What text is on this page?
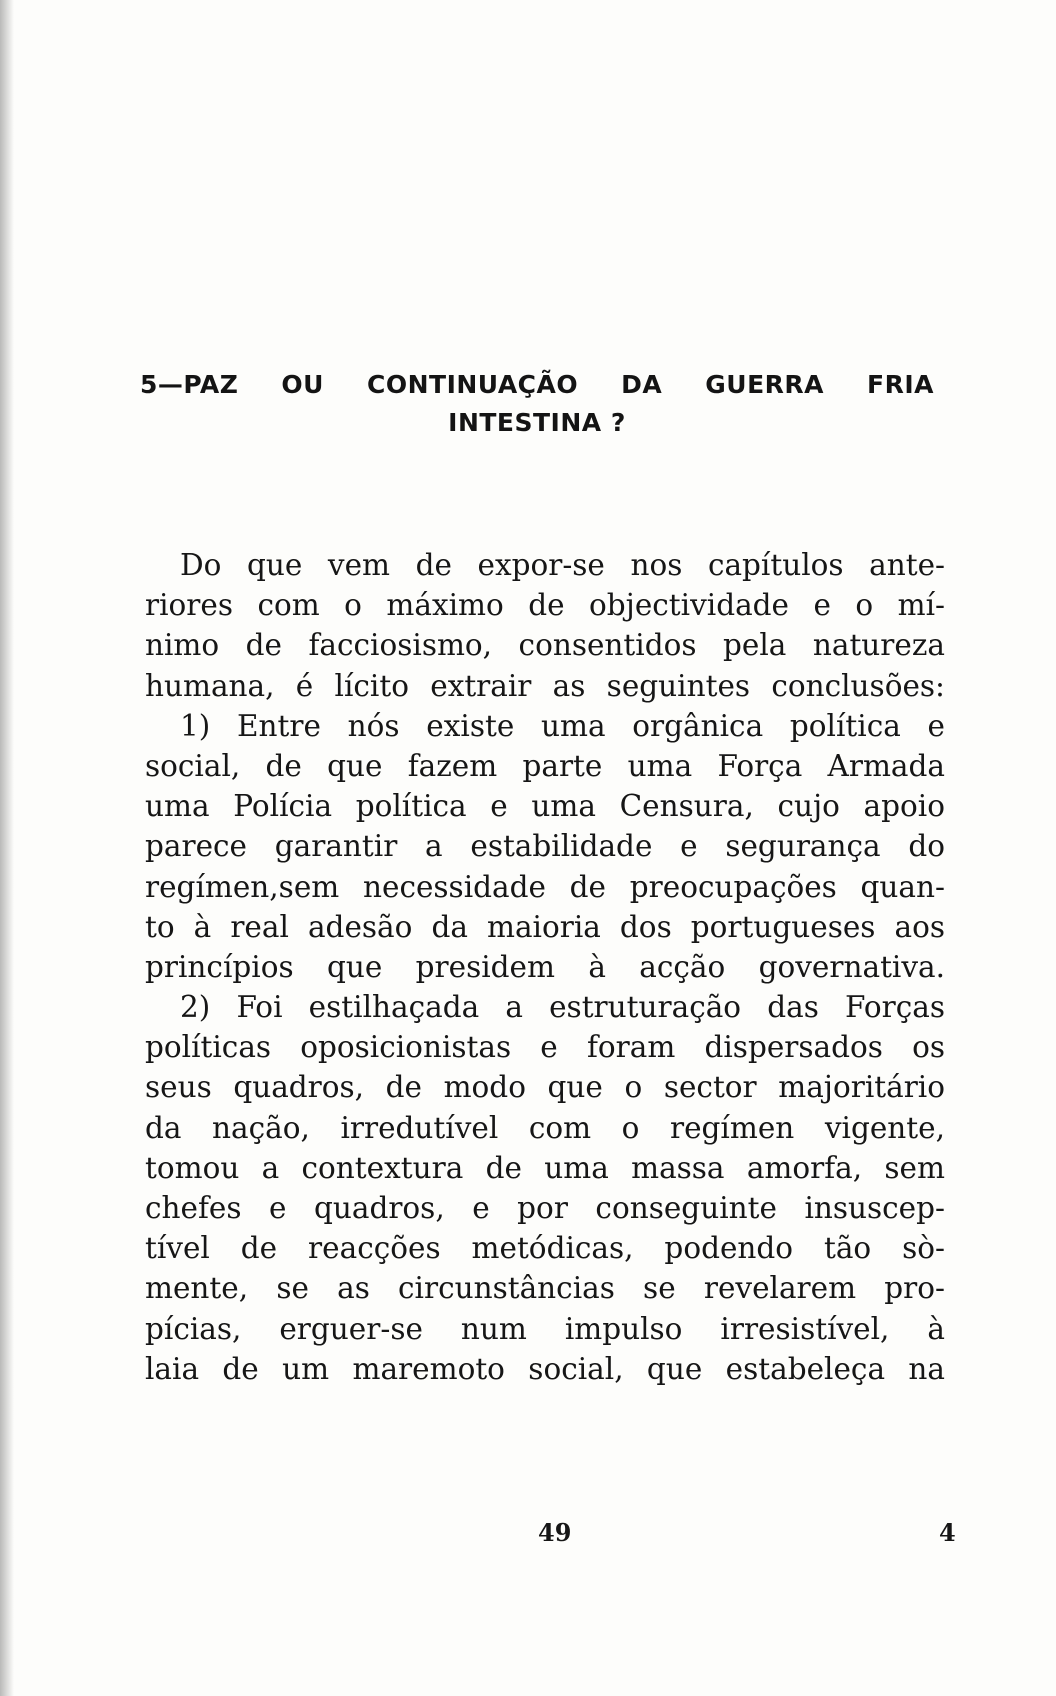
5—PAZ OU CONTINUAÇÃO DA GUERRA FRIA
INTESTINA ?
Do que vem de expor-se nos capítulos ante-
riores com o máximo de objectividade e o mí-
nimo de facciosismo, consentidos pela natureza
humana, é lícito extrair as seguintes conclusões:
1) Entre nós existe uma orgânica política e
social, de que fazem parte uma Força Armada
uma Polícia política e uma Censura, cujo apoio
parece garantir a estabilidade e segurança do
regímen,sem necessidade de preocupações quan-
to à real adesão da maioria dos portugueses aos
princípios que presidem à acção governativa.
2) Foi estilhaçada a estruturação das Forças
políticas oposicionistas e foram dispersados os
seus quadros, de modo que o sector majoritário
da nação, irredutível com o regímen vigente,
tomou a contextura de uma massa amorfa, sem
chefes e quadros, e por conseguinte insuscep-
tível de reacções metódicas, podendo tão sò-
mente, se as circunstâncias se revelarem pro-
pícias, erguer-se num impulso irresistível, à
laia de um maremoto social, que estabeleça na
49	4
